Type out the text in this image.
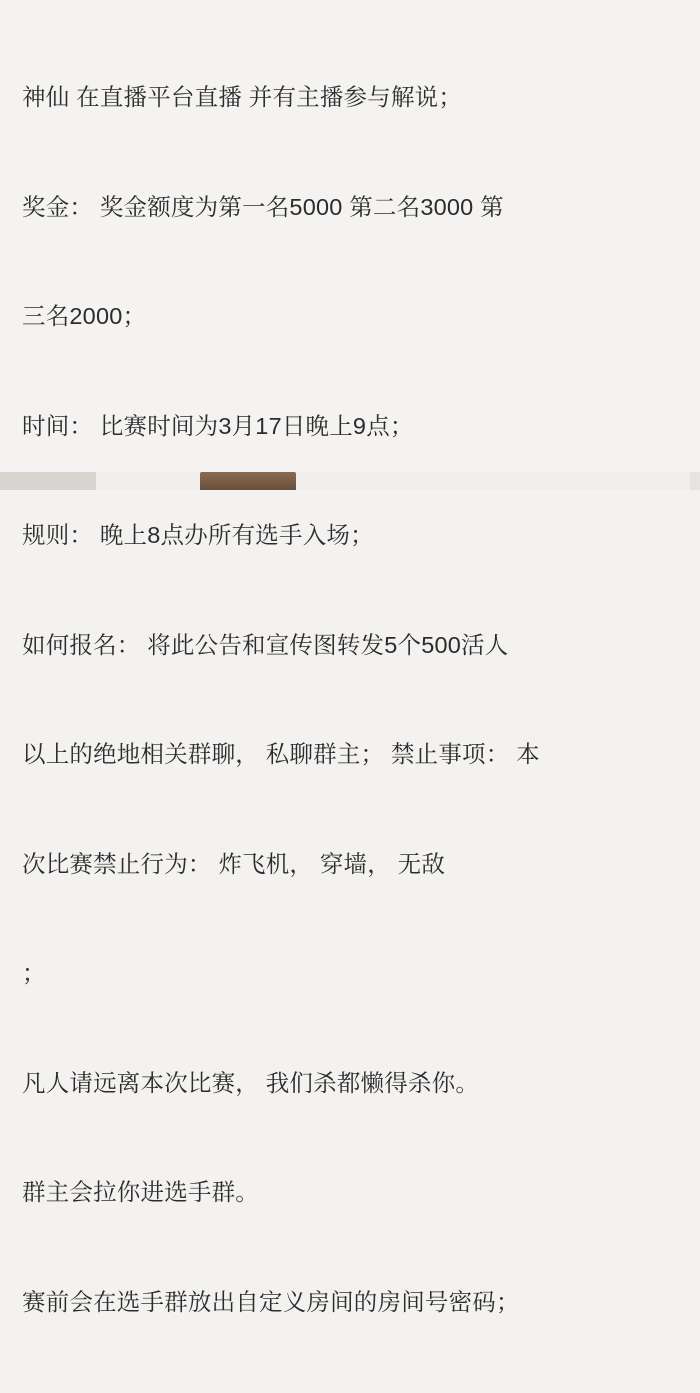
神仙 在直播平台直播 并有主播参与解说；

奖金： 奖金额度为第一名5000 第二名3000 第

三名2000；

时间： 比赛时间为3月17日晚上9点；

规则： 晚上8点办所有选手入场；

如何报名： 将此公告和宣传图转发5个500活人

以上的绝地相关群聊， 私聊群主； 禁止事项： 本

次比赛禁止行为： 炸飞机， 穿墙， 无敌

；

凡人请远离本次比赛， 我们杀都懒得杀你。

群主会拉你进选手群。

赛前会在选手群放出自定义房间的房间号密码；
